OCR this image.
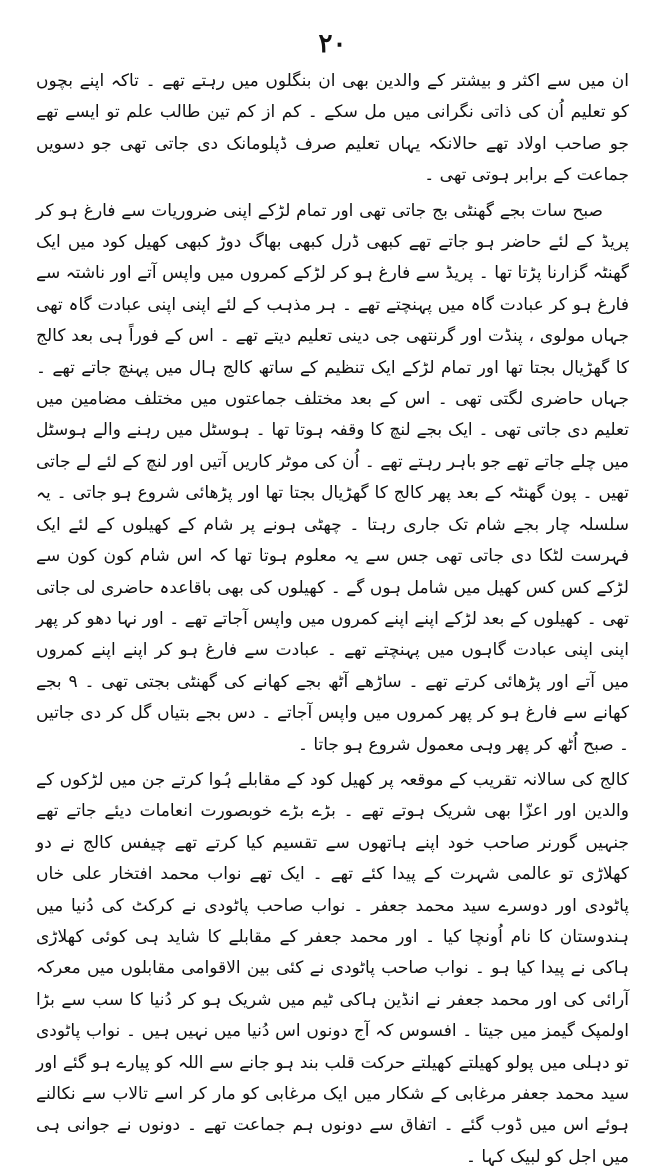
۲۰

ان میں سے اکثر و بیشتر کے والدین بھی ان بنگلوں میں رہتے تھے ۔ تاکہ اپنے بچوں کو تعلیم اُن کی ذاتی نگرانی میں مل سکے ۔ کم از کم تین طالب علم تو ایسے تھے جو صاحب اولاد تھے حالانکہ یہاں تعلیم صرف ڈپلومانک دی جاتی تھی جو دسویں جماعت کے برابر ہوتی تھی ۔

صبح سات بجے گھنٹی بج جاتی تھی اور تمام لڑکے اپنی ضروریات سے فارغ ہو کر پریڈ کے لئے حاضر ہو جاتے تھے کبھی ڈرل کبھی بھاگ دوڑ کبھی کھیل کود میں ایک گھنٹہ گزارنا پڑتا تھا ۔ پریڈ سے فارغ ہو کر لڑکے کمروں میں واپس آتے اور ناشتہ سے فارغ ہو کر عبادت گاہ میں پہنچتے تھے ۔ ہر مذہب کے لئے اپنی اپنی عبادت گاہ تھی جہاں مولوی ، پنڈت اور گرنتھی جی دینی تعلیم دیتے تھے ۔ اس کے فوراً ہی بعد کالج کا گھڑیال بجتا تھا اور تمام لڑکے ایک تنظیم کے ساتھ کالج ہال میں پہنچ جاتے تھے ۔ جہاں حاضری لگتی تھی ۔ اس کے بعد مختلف جماعتوں میں مختلف مضامین میں تعلیم دی جاتی تھی ۔ ایک بجے لنچ کا وقفہ ہوتا تھا ۔ ہوسٹل میں رہنے والے ہوسٹل میں چلے جاتے تھے جو باہر رہتے تھے ۔ اُن کی موٹر کاریں آتیں اور لنچ کے لئے لے جاتی تھیں ۔ پون گھنٹہ کے بعد پھر کالج کا گھڑیال بجتا تھا اور پڑھائی شروع ہو جاتی ۔ یہ سلسلہ چار بجے شام تک جاری رہتا ۔ چھٹی ہونے پر شام کے کھیلوں کے لئے ایک فہرست لٹکا دی جاتی تھی جس سے یہ معلوم ہوتا تھا کہ اس شام کون کون سے لڑکے کس کس کھیل میں شامل ہوں گے ۔ کھیلوں کی بھی باقاعدہ حاضری لی جاتی تھی ۔ کھیلوں کے بعد لڑکے اپنے اپنے کمروں میں واپس آجاتے تھے ۔ اور نہا دھو کر پھر اپنی اپنی عبادت گاہوں میں پہنچتے تھے ۔ عبادت سے فارغ ہو کر اپنے اپنے کمروں میں آتے اور پڑھائی کرتے تھے ۔ ساڑھے آٹھ بجے کھانے کی گھنٹی بجتی تھی ۔ ۹ بجے کھانے سے فارغ ہو کر پھر کمروں میں واپس آجاتے ۔ دس بجے بتیاں گل کر دی جاتیں ۔ صبح اُٹھ کر پھر وہی معمول شروع ہو جاتا ۔

کالج کی سالانہ تقریب کے موقعہ پر کھیل کود کے مقابلے ہُوا کرتے جن میں لڑکوں کے والدین اور اعزّا بھی شریک ہوتے تھے ۔ بڑے بڑے خوبصورت انعامات دیئے جاتے تھے جنہیں گورنر صاحب خود اپنے ہاتھوں سے تقسیم کیا کرتے تھے چیفس کالج نے دو کھلاڑی تو عالمی شہرت کے پیدا کئے تھے ۔ ایک تھے نواب محمد افتخار علی خاں پاٹودی اور دوسرے سید محمد جعفر ۔ نواب صاحب پاٹودی نے کرکٹ کی دُنیا میں ہندوستان کا نام اُونچا کیا ۔ اور محمد جعفر کے مقابلے کا شاید ہی کوئی کھلاڑی ہاکی نے پیدا کیا ہو ۔ نواب صاحب پاٹودی نے کئی بین الاقوامی مقابلوں میں معرکہ آرائی کی اور محمد جعفر نے انڈین ہاکی ٹیم میں شریک ہو کر دُنیا کا سب سے بڑا اولمپک گیمز میں جیتا ۔ افسوس کہ آج دونوں اس دُنیا میں نہیں ہیں ۔ نواب پاٹودی تو دہلی میں پولو کھیلتے کھیلتے حرکت قلب بند ہو جانے سے اللہ کو پیارے ہو گئے اور سید محمد جعفر مرغابی کے شکار میں ایک مرغابی کو مار کر اسے تالاب سے نکالنے ہوئے اس میں ڈوب گئے ۔ اتفاق سے دونوں ہم جماعت تھے ۔ دونوں نے جوانی ہی میں اجل کو لبیک کہا ۔
